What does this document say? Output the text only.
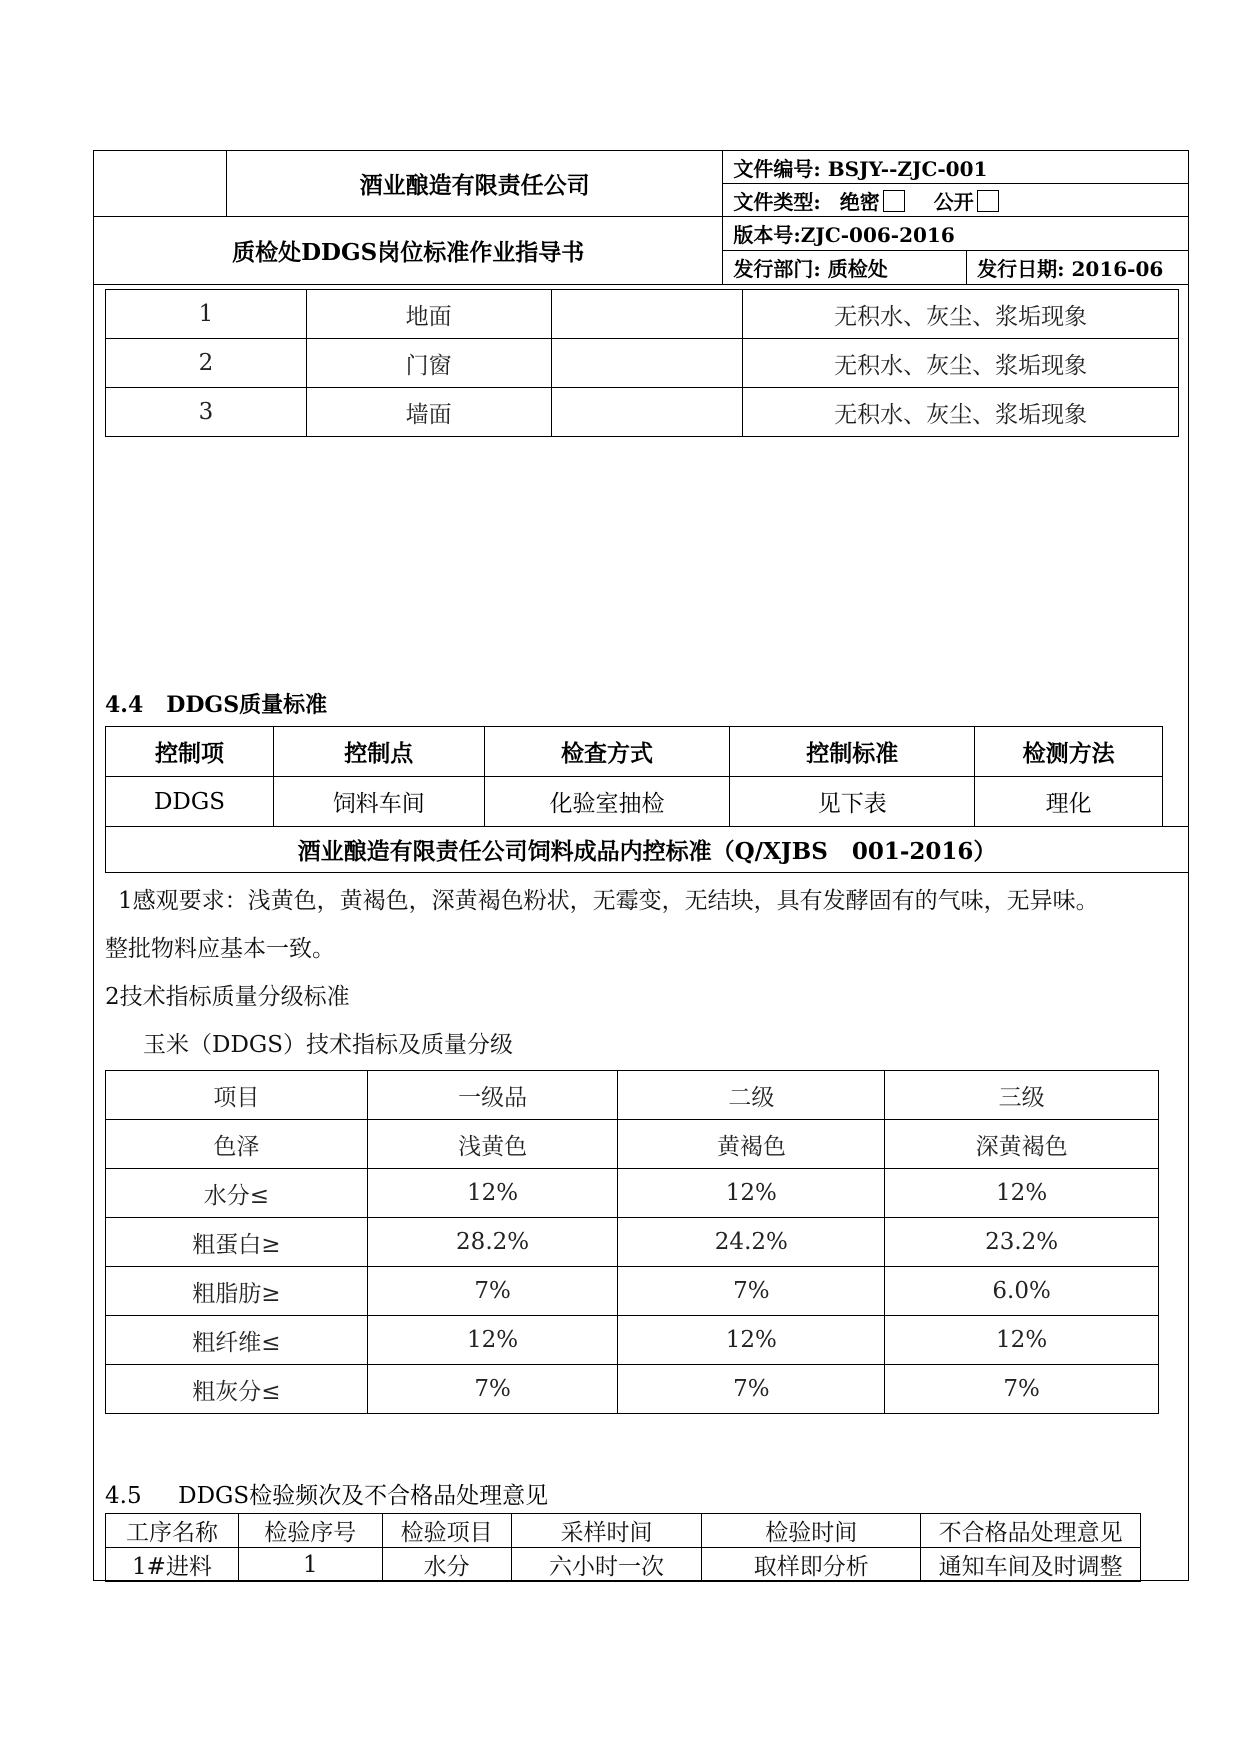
	酒业酿造有限责任公司	文件编号: BSJY--ZJC-001	
		文件类型: 绝密 公开	
质检处DDGS岗位标准作业指导书		版本号:ZJC-006-2016	
		发行部门: 质检处	发行日期: 2016-06
1	地面		无积水、灰尘、浆垢现象
2	门窗		无积水、灰尘、浆垢现象
3	墙面		无积水、灰尘、浆垢现象
4.4   DDGS质量标准
控制项	控制点	检查方式	控制标准	检测方法
DDGS	饲料车间	化验室抽检	见下表	理化
酒业酿造有限责任公司饲料成品内控标准（Q/XJBS   001-2016）
1感观要求：浅黄色，黄褐色，深黄褐色粉状，无霉变，无结块，具有发酵固有的气味，无异味。
整批物料应基本一致。
2技术指标质量分级标准
玉米（DDGS）技术指标及质量分级
项目	一级品	二级	三级
色泽	浅黄色	黄褐色	深黄褐色
水分≤	12%	12%	12%
粗蛋白≥	28.2%	24.2%	23.2%
粗脂肪≥	7%	7%	6.0%
粗纤维≤	12%	12%	12%
粗灰分≤	7%	7%	7%
4.5     DDGS检验频次及不合格品处理意见
工序名称	检验序号	检验项目	采样时间	检验时间	不合格品处理意见
1#进料	1	水分	六小时一次	取样即分析	通知车间及时调整
